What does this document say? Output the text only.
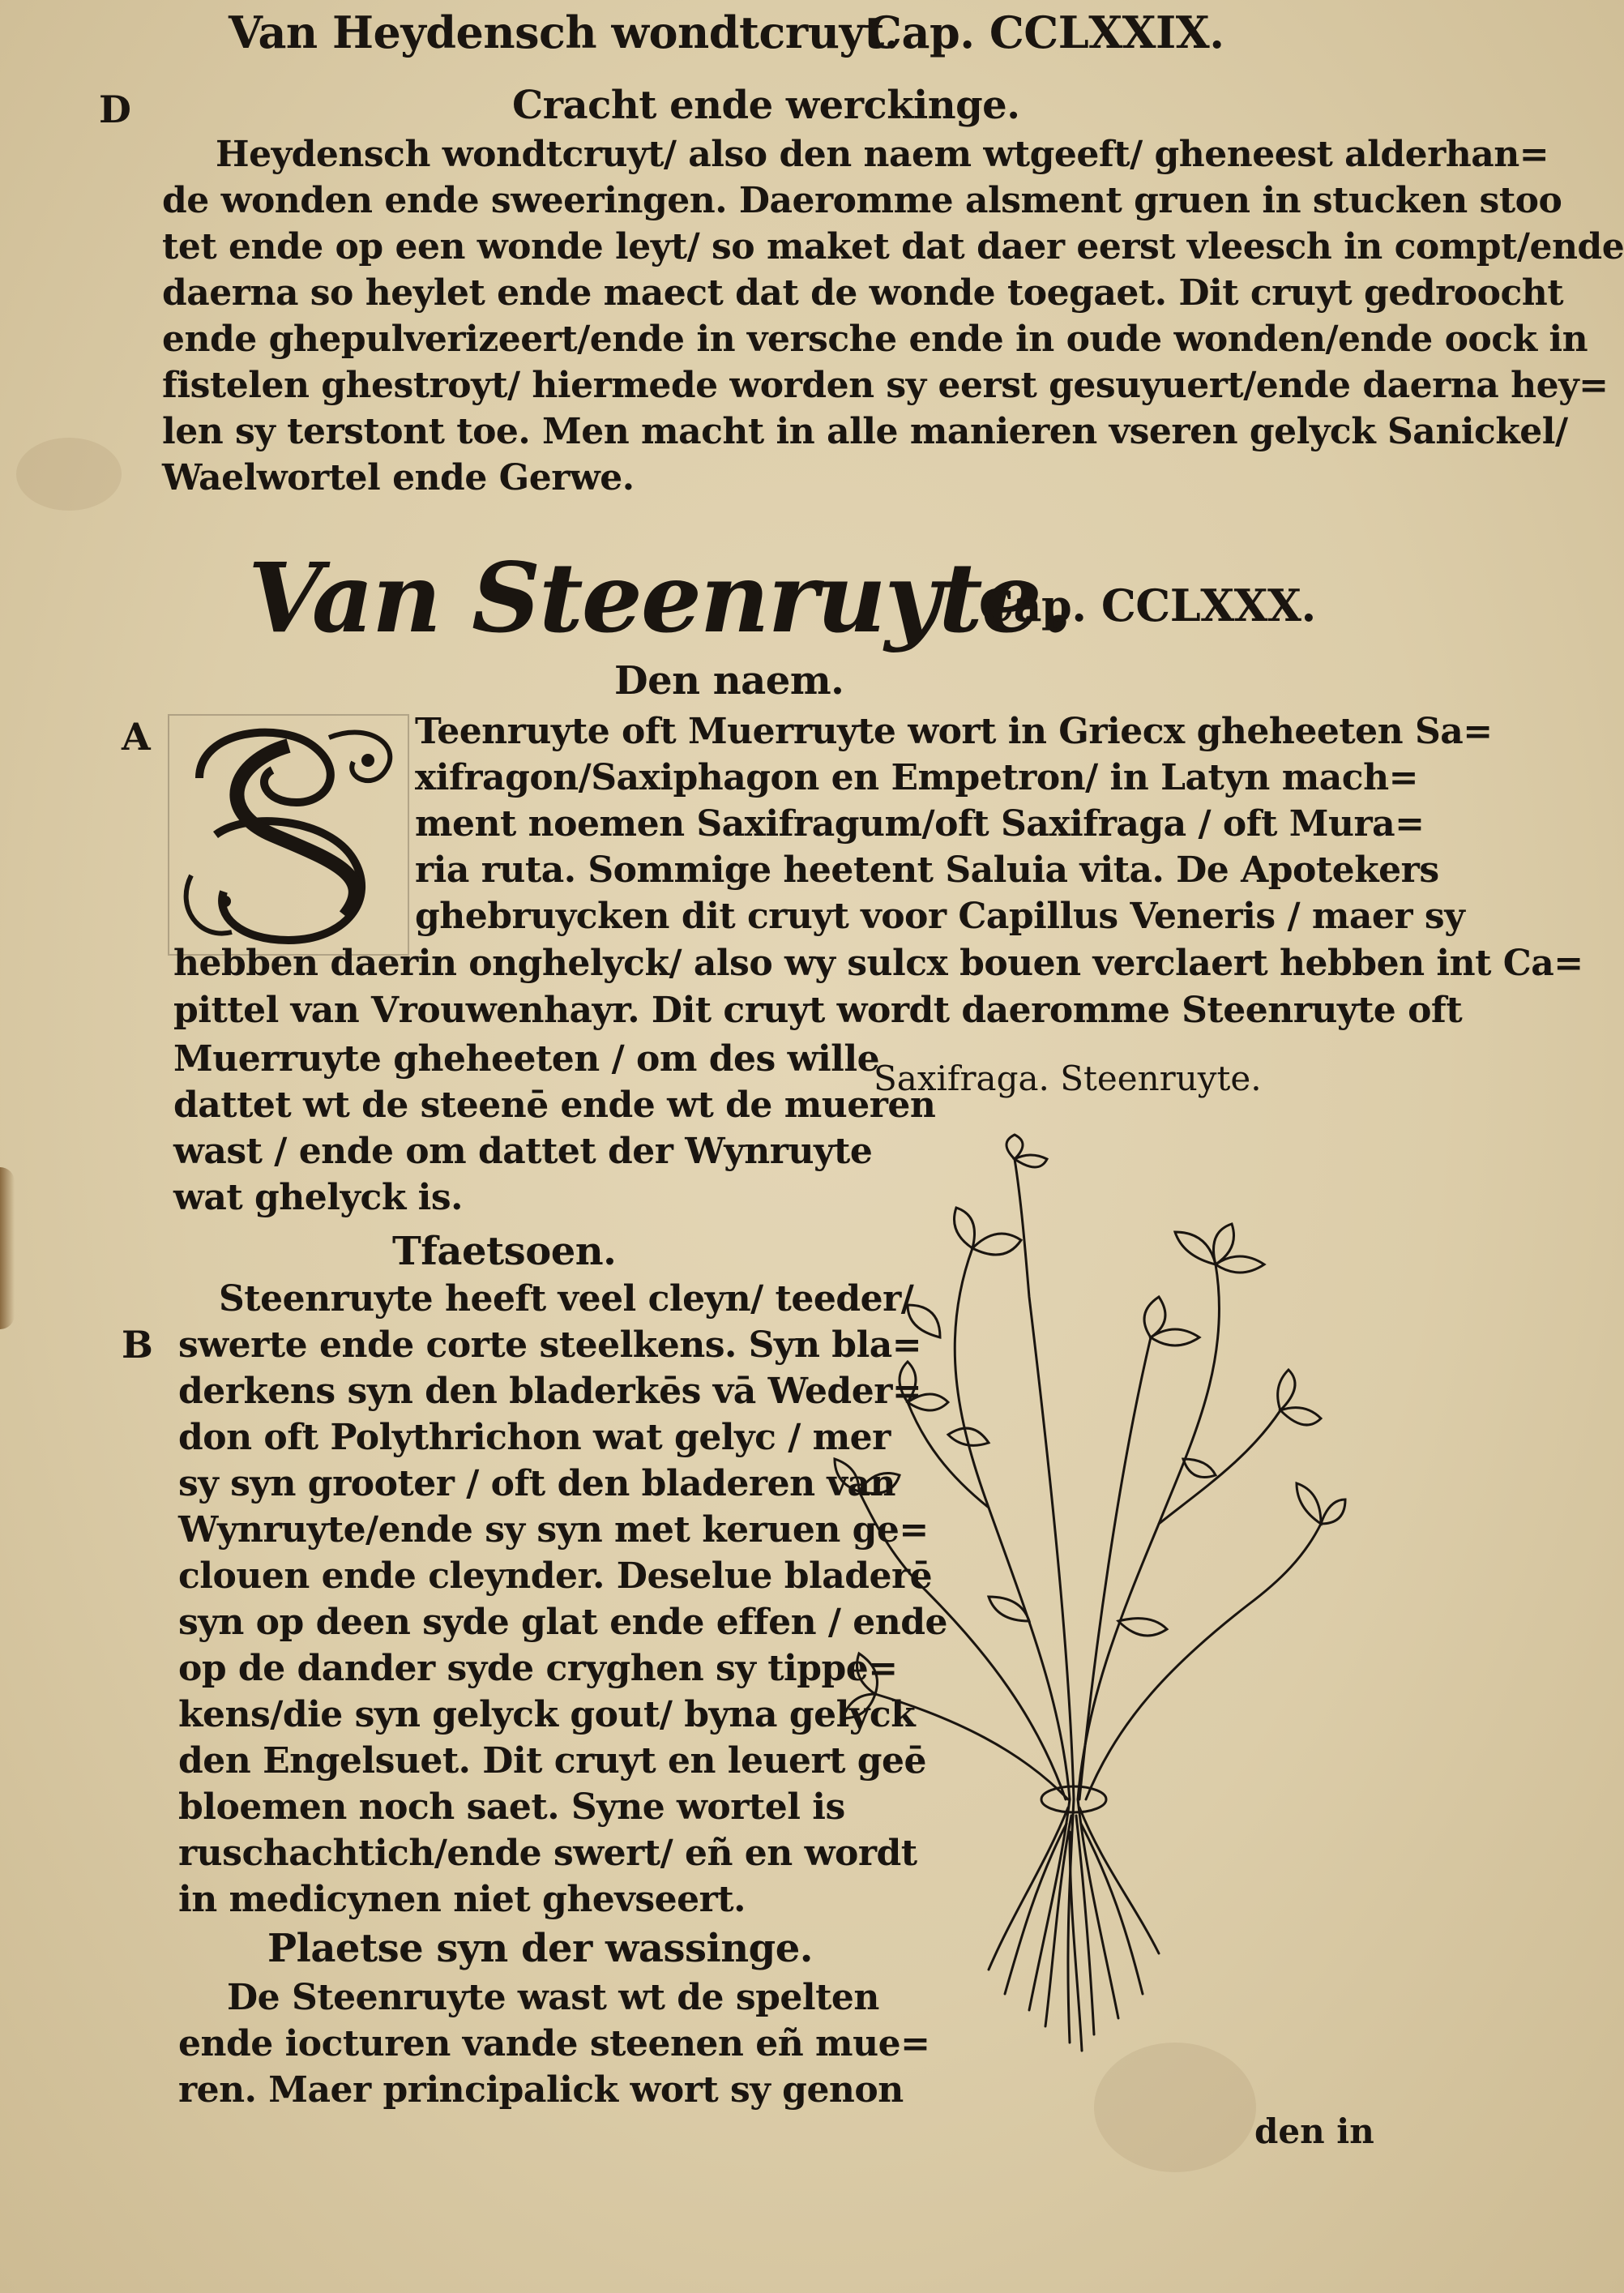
Van Heydensch wondtcruyt.
Cap. CCLXXIX.
D	Cracht ende werckinge.
Heydensch wondtcruyt/ also den naem wtgeeft/ gheneest alderhan=
de wonden ende sweeringen. Daeromme alsment gruen in stucken stoo
tet ende op een wonde leyt/ so maket dat daer eerst vleesch in compt/ende
daerna so heylet ende maect dat de wonde toegaet. Dit cruyt gedroocht
ende ghepulverizeert/ende in versche ende in oude wonden/ende oock in
fistelen ghestroyt/ hiermede worden sy eerst gesuyuert/ende daerna hey=
len sy terstont toe. Men macht in alle manieren vseren gelyck Sanickel/
Waelwortel ende Gerwe.
Van Steenruyte.
Cap. CCLXXX.
Den naem.
A	Teenruyte oft Muerruyte wort in Griecx gheheeten Sa=
xifragon/Saxiphagon en Empetron/ in Latyn mach=
ment noemen Saxifragum/oft Saxifraga / oft Mura=
ria ruta. Sommige heetent Saluia vita. De Apotekers
ghebruycken dit cruyt voor Capillus Veneris / maer sy
hebben daerin onghelyck/ also wy sulcx bouen verclaert hebben int Ca=
pittel van Vrouwenhayr. Dit cruyt wordt daeromme Steenruyte oft
Muerruyte gheheeten / om des wille
dattet wt de steenē ende wt de mueren
wast / ende om dattet der Wynruyte
wat ghelyck is.
Tfaetsoen.
B
Steenruyte heeft veel cleyn/ teeder/
swerte ende corte steelkens. Syn bla=
derkens syn den bladerkēs vā Weder=
don oft Polythrichon wat gelyc / mer
sy syn grooter / oft den bladeren van
Wynruyte/ende sy syn met keruen ge=
clouen ende cleynder. Deselue bladerē
syn op deen syde glat ende effen / ende
op de dander syde cryghen sy tippe=
kens/die syn gelyck gout/ byna gelyck
den Engelsuet. Dit cruyt en leuert geē
bloemen noch saet. Syne wortel is
ruschachtich/ende swert/ eñ en wordt
in medicynen niet ghevseert.
Plaetse syn der wassinge.
De Steenruyte wast wt de spelten
ende iocturen vande steenen eñ mue=
ren. Maer principalick wort sy genon
Saxifraga. Steenruyte.
den in
